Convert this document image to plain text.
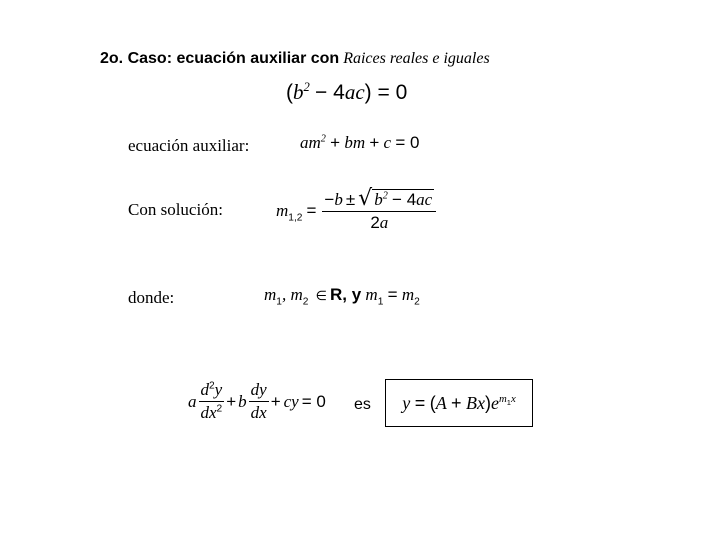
2o. Caso: ecuación auxiliar con Raices reales e iguales
$(b^2 - 4ac) = 0$
ecuación auxiliar:	$am^2$ + bm + c = 0
Con solución:	$m_{1,2} = \frac{- b \pm √ b^2 - 4ac}{2a}$
donde:	$m_1$, $m_2$ ∈ R, y $m_1 = m_2$
a $\frac{d^2y}{dx^2} + b \frac{dy}{dx}$ + cy = 0 es $y = (A + Bx)e^{m_1x}$
